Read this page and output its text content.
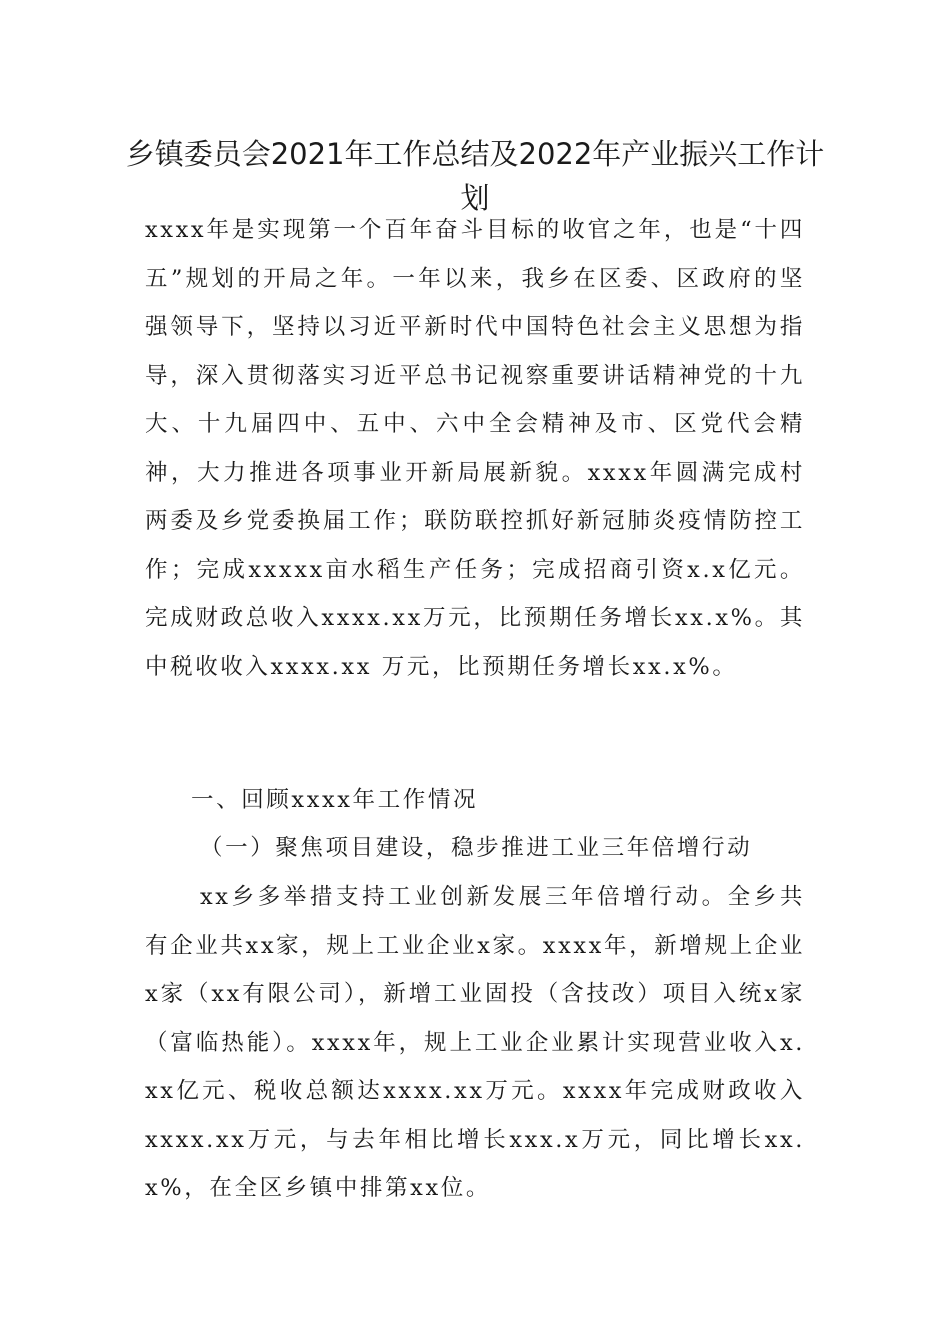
乡镇委员会2021年工作总结及2022年产业振兴工作计划

xxxx年是实现第一个百年奋斗目标的收官之年，也是“十四五”规划的开局之年。一年以来，我乡在区委、区政府的坚强领导下，坚持以习近平新时代中国特色社会主义思想为指导，深入贯彻落实习近平总书记视察重要讲话精神党的十九大、十九届四中、五中、六中全会精神及市、区党代会精神，大力推进各项事业开新局展新貌。xxxx年圆满完成村两委及乡党委换届工作；联防联控抓好新冠肺炎疫情防控工作；完成xxxxx亩水稻生产任务；完成招商引资x.x亿元。完成财政总收入xxxx.xx万元，比预期任务增长xx.x%。其中税收收入xxxx.xx 万元，比预期任务增长xx.x%。

一、回顾xxxx年工作情况

（一）聚焦项目建设，稳步推进工业三年倍增行动

xx乡多举措支持工业创新发展三年倍增行动。全乡共有企业共xx家，规上工业企业x家。xxxx年，新增规上企业x家（xx有限公司），新增工业固投（含技改）项目入统x家（富临热能）。xxxx年，规上工业企业累计实现营业收入x.xx亿元、税收总额达xxxx.xx万元。xxxx年完成财政收入xxxx.xx万元，与去年相比增长xxx.x万元，同比增长xx.x%，在全区乡镇中排第xx位。
